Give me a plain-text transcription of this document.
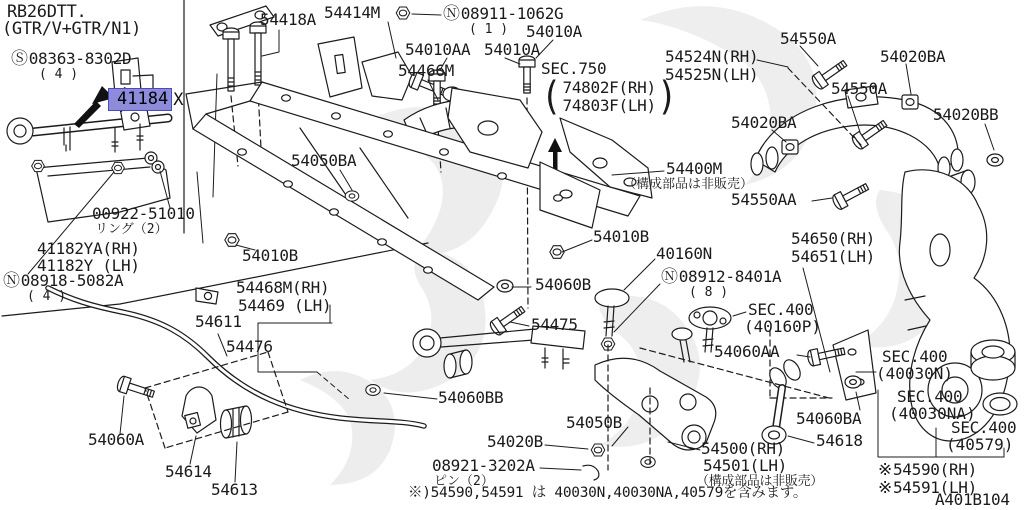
41184 X
RB26DTT.
(GTR/V+GTR/N1)
Ⓢ08363-8302D
( 4 )
00922-51010
リング（2）
41182YA(RH)
41182Y (LH)
Ⓝ08918-5082A
( 4 )
54611
54476
54060A
54614
54613
54418A 54414M	Ⓝ08911-1062G
( 1 )	54010A
54010AA 54010A
54466M	SEC.750
( 74802F(RH)
74803F(LH) )
54524N(RH)
54525N(LH)
54550A
54020BA
54550A
54020BA	54020BB
54400M
（構成部品は非販売）
54550AA
54010B	54650(RH)
54651(LH)
40160N
Ⓝ08912-8401A
( 8 )
SEC.400
(40160P)
54050BA
54010B
54468M(RH)
54469 (LH)
54060B
54475
54060BB
54020B
08921-3202A
ピン（2）
54050B
54060AA
54060BA
54618
54500(RH)
54501(LH)
（構成部品は非販売）
SEC.400
(40030N)
SEC.400
(40030NA)
SEC.400
(40579)
※54590(RH)
※54591(LH)
A401B104
※)54590,54591 は 40030N,40030NA,40579を含みます。
